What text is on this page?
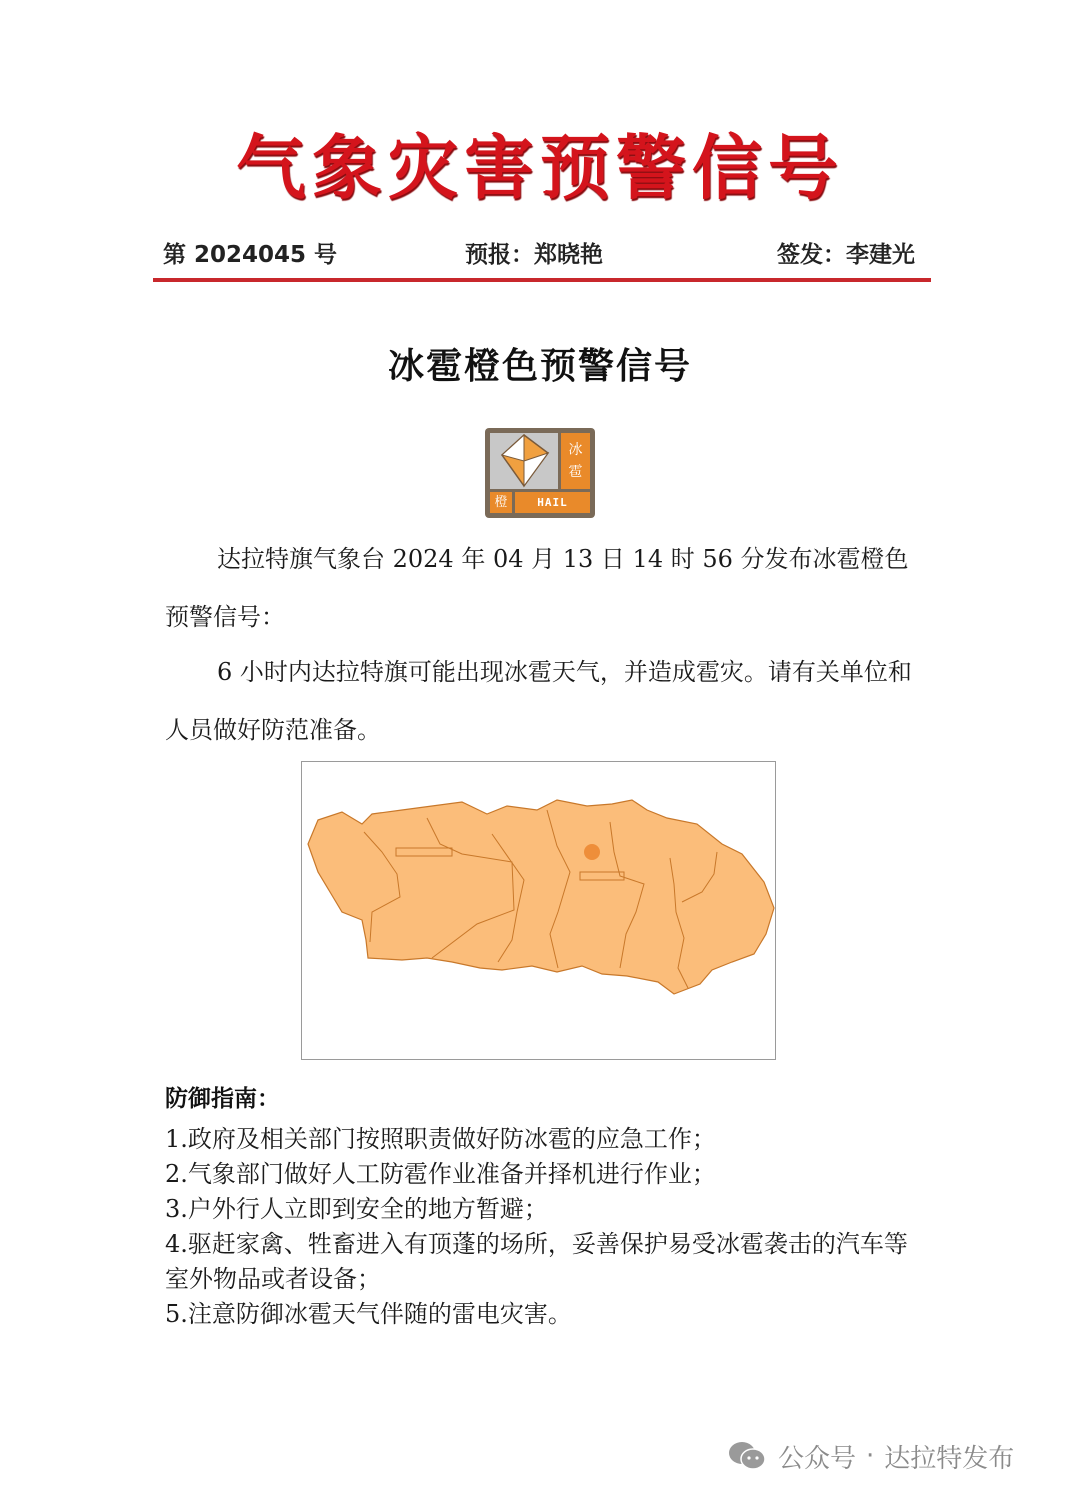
气象灾害预警信号
第 2024045 号	预报：郑晓艳	签发：李建光
冰雹橙色预警信号
冰
雹
橙	HAIL
达拉特旗气象台 2024 年 04 月 13 日 14 时 56 分发布冰雹橙色预警信号：
6 小时内达拉特旗可能出现冰雹天气，并造成雹灾。请有关单位和人员做好防范准备。
防御指南：
1.政府及相关部门按照职责做好防冰雹的应急工作；
2.气象部门做好人工防雹作业准备并择机进行作业；
3.户外行人立即到安全的地方暂避；
4.驱赶家禽、牲畜进入有顶蓬的场所，妥善保护易受冰雹袭击的汽车等室外物品或者设备；
5.注意防御冰雹天气伴随的雷电灾害。
公众号 · 达拉特发布
